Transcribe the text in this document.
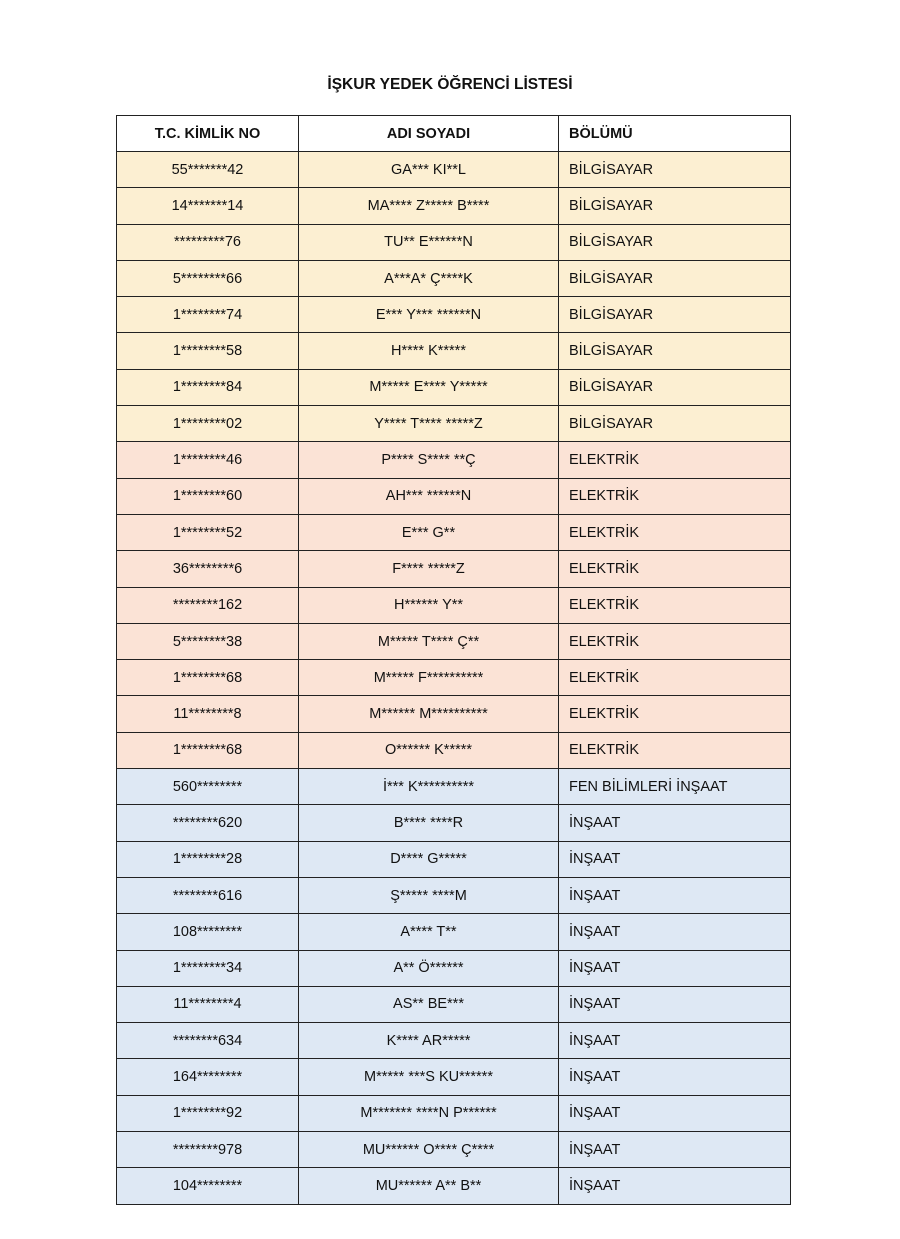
İŞKUR YEDEK ÖĞRENCİ LİSTESİ
T.C. KİMLİK NO	ADI SOYADI	BÖLÜMÜ
55*******42	GA*** KI**L	BİLGİSAYAR
14*******14	MA**** Z***** B****	BİLGİSAYAR
*********76	TU** E******N	BİLGİSAYAR
5********66	A***A* Ç****K	BİLGİSAYAR
1********74	E*** Y*** ******N	BİLGİSAYAR
1********58	H**** K*****	BİLGİSAYAR
1********84	M***** E**** Y*****	BİLGİSAYAR
1********02	Y**** T**** *****Z	BİLGİSAYAR
1********46	P**** S**** **Ç	ELEKTRİK
1********60	AH*** ******N	ELEKTRİK
1********52	E*** G**	ELEKTRİK
36********6	F**** *****Z	ELEKTRİK
********162	H****** Y**	ELEKTRİK
5********38	M***** T**** Ç**	ELEKTRİK
1********68	M***** F**********	ELEKTRİK
11********8	M****** M**********	ELEKTRİK
1********68	O****** K*****	ELEKTRİK
560********	İ*** K**********	FEN BİLİMLERİ İNŞAAT
********620	B**** ****R	İNŞAAT
1********28	D**** G*****	İNŞAAT
********616	Ş***** ****M	İNŞAAT
108********	A**** T**	İNŞAAT
1********34	A** Ö******	İNŞAAT
11********4	AS** BE***	İNŞAAT
********634	K**** AR*****	İNŞAAT
164********	M***** ***S KU******	İNŞAAT
1********92	M******* ****N P******	İNŞAAT
********978	MU****** O**** Ç****	İNŞAAT
104********	MU****** A** B**	İNŞAAT
